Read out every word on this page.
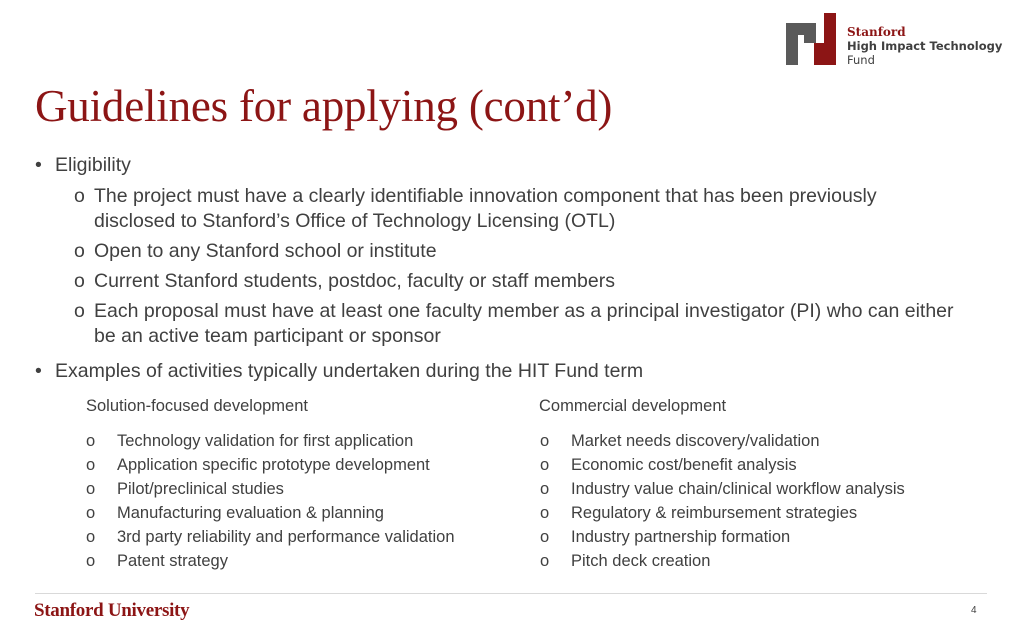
Stanford
High Impact Technology
Fund
Guidelines for applying (cont’d)
• Eligibility
o The project must have a clearly identifiable innovation component that has been previously disclosed to Stanford’s Office of Technology Licensing (OTL)
o Open to any Stanford school or institute
o Current Stanford students, postdoc, faculty or staff members
o Each proposal must have at least one faculty member as a principal investigator (PI) who can either be an active team participant or sponsor
• Examples of activities typically undertaken during the HIT Fund term
Solution-focused development
o	Technology validation for first application
o	Application specific prototype development
o	Pilot/preclinical studies
o	Manufacturing evaluation & planning
o	3rd party reliability and performance validation
o	Patent strategy
Commercial development
o	Market needs discovery/validation
o	Economic cost/benefit analysis
o	Industry value chain/clinical workflow analysis
o	Regulatory & reimbursement strategies
o	Industry partnership formation
o	Pitch deck creation
Stanford University	4
